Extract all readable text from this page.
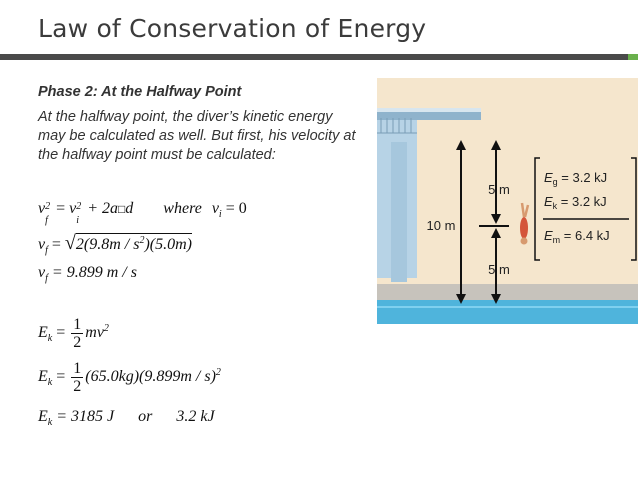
Law of Conservation of Energy
Phase 2: At the Halfway Point
At the halfway point, the diver’s kinetic energy may be calculated as well. But first, his velocity at the halfway point must be calculated:
v 2
f
= v 2
i
+ 2a□d where $v_i = 0$
$v_f = √2(9.8m / s^2)(5.0m)$
$v_f = 9.899$ m / s
$E_k = \frac{1}{2} mv^2$
$E_k = \frac{1}{2} (65.0kg)(9.899m / s)^2$
$E_k = 3185$ J or 3.2 kJ
10 m
5 m
5 m
$E_g = 3.2$ kJ
$E_k = 3.2$ kJ
$E_m = 6.4$ kJ
